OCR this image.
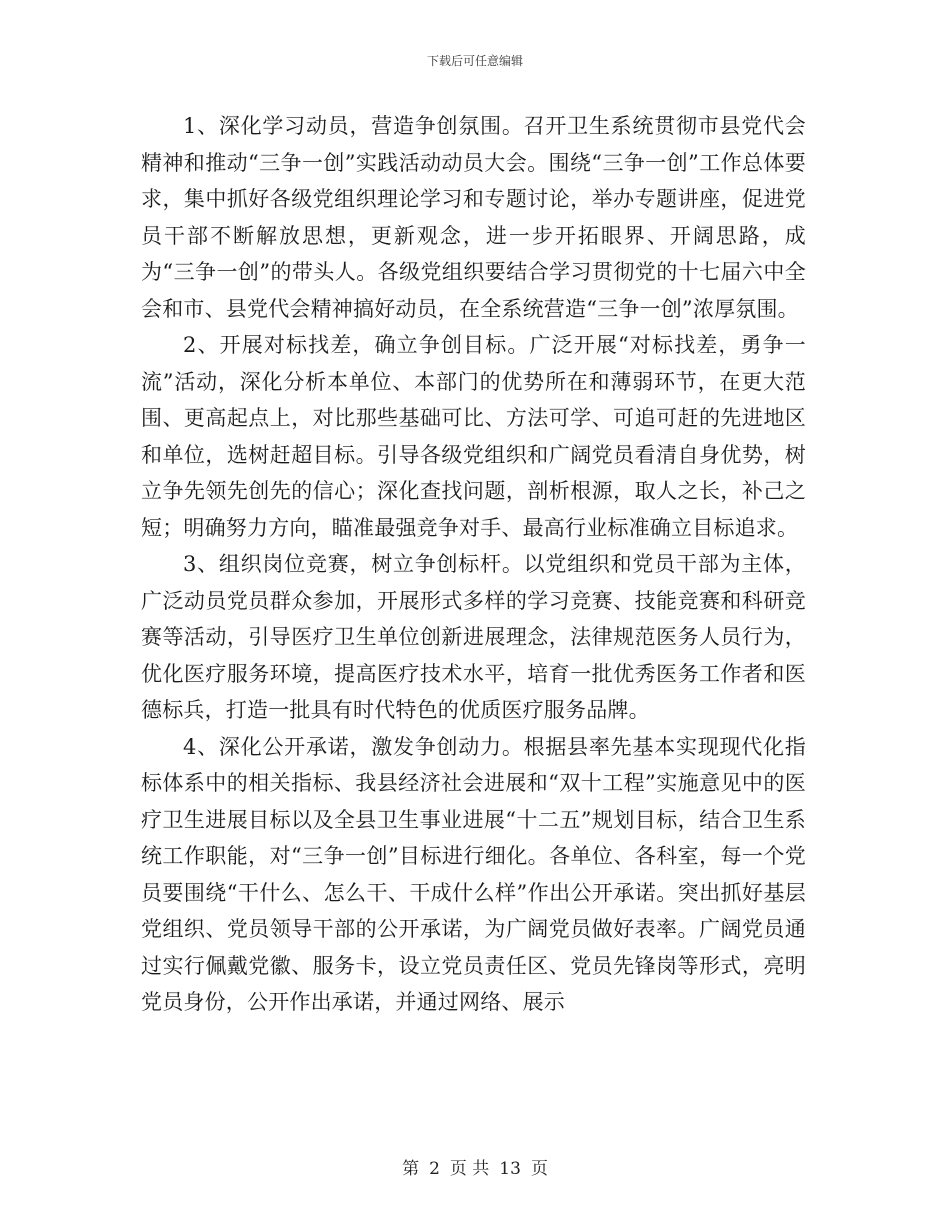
下载后可任意编辑

1、深化学习动员，营造争创氛围。召开卫生系统贯彻市县党代会精神和推动“三争一创”实践活动动员大会。围绕“三争一创”工作总体要求，集中抓好各级党组织理论学习和专题讨论，举办专题讲座，促进党员干部不断解放思想，更新观念，进一步开拓眼界、开阔思路，成为“三争一创”的带头人。各级党组织要结合学习贯彻党的十七届六中全会和市、县党代会精神搞好动员，在全系统营造“三争一创”浓厚氛围。

2、开展对标找差，确立争创目标。广泛开展“对标找差，勇争一流”活动，深化分析本单位、本部门的优势所在和薄弱环节，在更大范围、更高起点上，对比那些基础可比、方法可学、可追可赶的先进地区和单位，选树赶超目标。引导各级党组织和广阔党员看清自身优势，树立争先领先创先的信心；深化查找问题，剖析根源，取人之长，补己之短；明确努力方向，瞄准最强竞争对手、最高行业标准确立目标追求。

3、组织岗位竞赛，树立争创标杆。以党组织和党员干部为主体，广泛动员党员群众参加，开展形式多样的学习竞赛、技能竞赛和科研竞赛等活动，引导医疗卫生单位创新进展理念，法律规范医务人员行为，优化医疗服务环境，提高医疗技术水平，培育一批优秀医务工作者和医德标兵，打造一批具有时代特色的优质医疗服务品牌。

4、深化公开承诺，激发争创动力。根据县率先基本实现现代化指标体系中的相关指标、我县经济社会进展和“双十工程”实施意见中的医疗卫生进展目标以及全县卫生事业进展“十二五”规划目标，结合卫生系统工作职能，对“三争一创”目标进行细化。各单位、各科室，每一个党员要围绕“干什么、怎么干、干成什么样”作出公开承诺。突出抓好基层党组织、党员领导干部的公开承诺，为广阔党员做好表率。广阔党员通过实行佩戴党徽、服务卡，设立党员责任区、党员先锋岗等形式，亮明党员身份，公开作出承诺，并通过网络、展示

第 2 页 共 13 页
